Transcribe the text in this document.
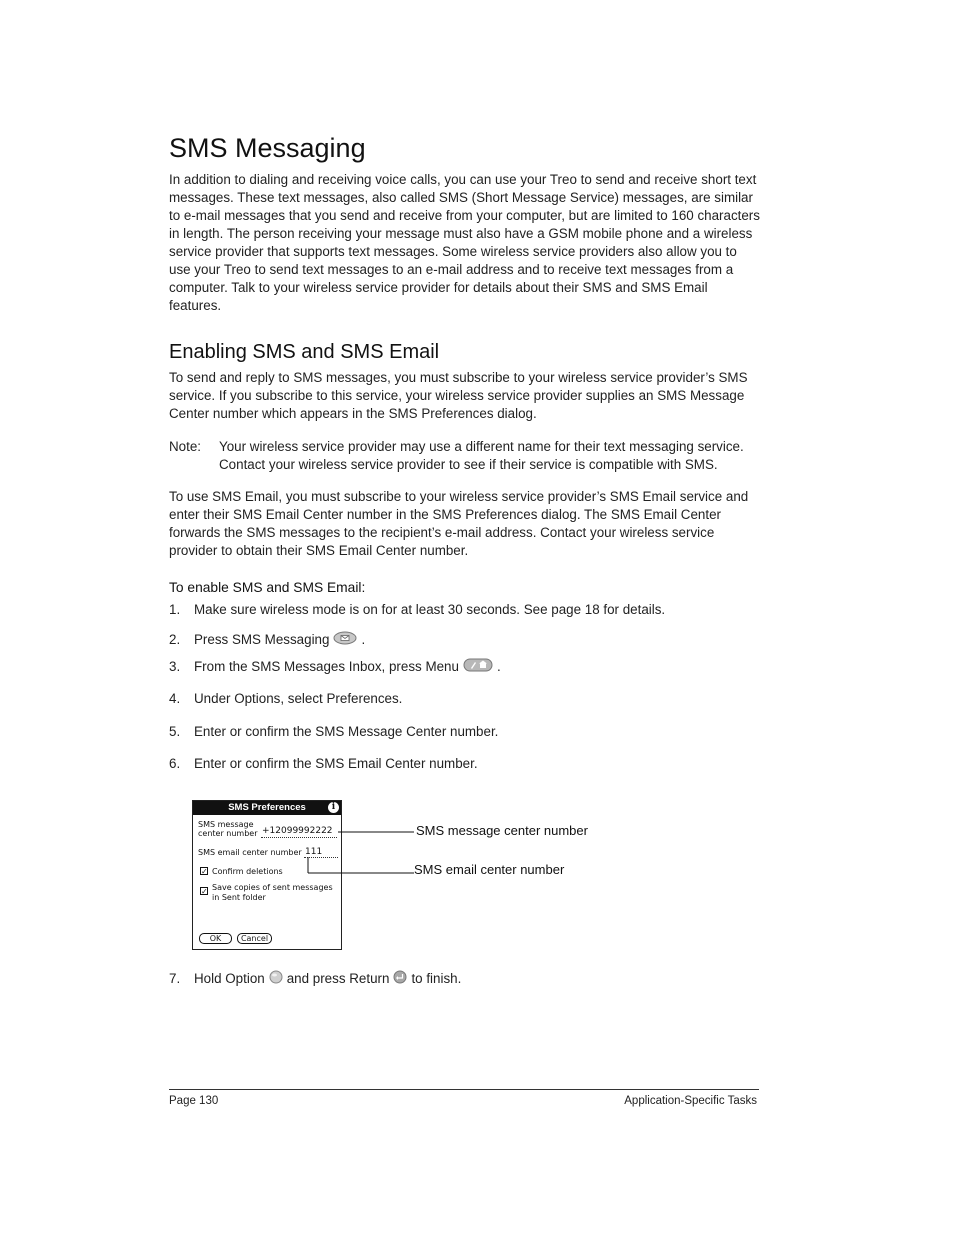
SMS Messaging
In addition to dialing and receiving voice calls, you can use your Treo to send and receive short text messages. These text messages, also called SMS (Short Message Service) messages, are similar to e-mail messages that you send and receive from your computer, but are limited to 160 characters in length. The person receiving your message must also have a GSM mobile phone and a wireless service provider that supports text messages. Some wireless service providers also allow you to use your Treo to send text messages to an e-mail address and to receive text messages from a computer. Talk to your wireless service provider for details about their SMS and SMS Email features.
Enabling SMS and SMS Email
To send and reply to SMS messages, you must subscribe to your wireless service provider’s SMS service. If you subscribe to this service, your wireless service provider supplies an SMS Message Center number which appears in the SMS Preferences dialog.
Note: Your wireless service provider may use a different name for their text messaging service. Contact your wireless service provider to see if their service is compatible with SMS.
To use SMS Email, you must subscribe to your wireless service provider’s SMS Email service and enter their SMS Email Center number in the SMS Preferences dialog. The SMS Email Center forwards the SMS messages to the recipient’s e-mail address. Contact your wireless service provider to obtain their SMS Email Center number.
To enable SMS and SMS Email:
1. Make sure wireless mode is on for at least 30 seconds. See page 18 for details.
2. Press SMS Messaging .
3. From the SMS Messages Inbox, press Menu	.
4. Under Options, select Preferences.
5. Enter or confirm the SMS Message Center number.
6. Enter or confirm the SMS Email Center number.
SMS Preferences	i
SMS message
center number +12099992222
SMS email center number 111
✓ Confirm deletions
✓ Save copies of sent messages
in Sent folder
OK	Cancel
SMS message center number
SMS email center number
7. Hold Option and press Return to finish.
Page 130	Application-Specific Tasks
